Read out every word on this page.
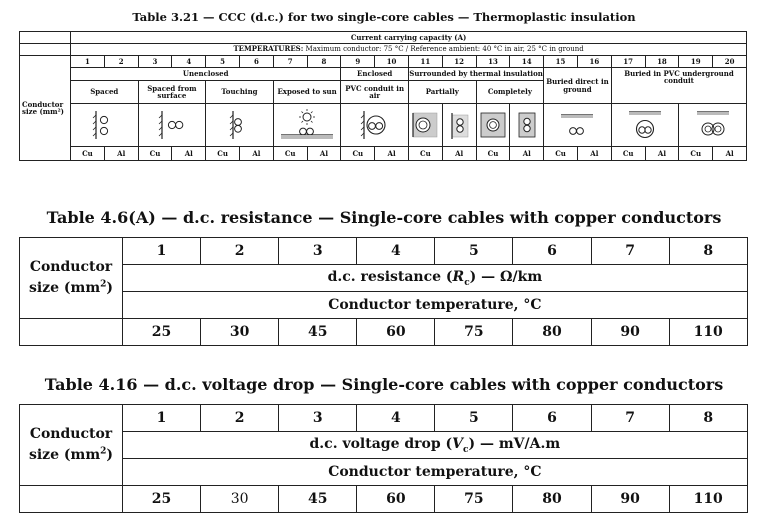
Table 3.21 — CCC (d.c.) for two single-core cables — Thermoplastic insulation
	Current carrying capacity (A)																			
	TEMPERATURES: Maximum conductor: 75 °C / Reference ambient: 40 °C in air, 25 °C in ground																			
Conductor
size (mm²)	1	2	3	4	5	6	7	8	9	10	11	12	13	14	15	16	17	18	19	20
	Unenclosed								Enclosed		Surrounded by thermal insulation				Buried direct in ground		Buried in PVC underground conduit			
	Spaced		Spaced from surface		Touching		Exposed to sun		PVC conduit in air		Partially		Completely							

	Cu	Al	Cu	Al	Cu	Al	Cu	Al	Cu	Al	Cu	Al	Cu	Al	Cu	Al	Cu	Al	Cu	Al
Table 4.6(A) — d.c. resistance — Single-core cables with copper conductors
Conductor
size $(mm^2)$	1	2	3	4	5	6	7	8
	d.c. resistance $(R_c)$ — Ω/km							
	Conductor temperature, °C							
	25	30	45	60	75	80	90	110
Table 4.16 — d.c. voltage drop — Single-core cables with copper conductors
Conductor
size $(mm^2)$	1	2	3	4	5	6	7	8
	d.c. voltage drop $(V_c)$ — mV/A.m							
	Conductor temperature, °C							
	25	30	45	60	75	80	90	110
